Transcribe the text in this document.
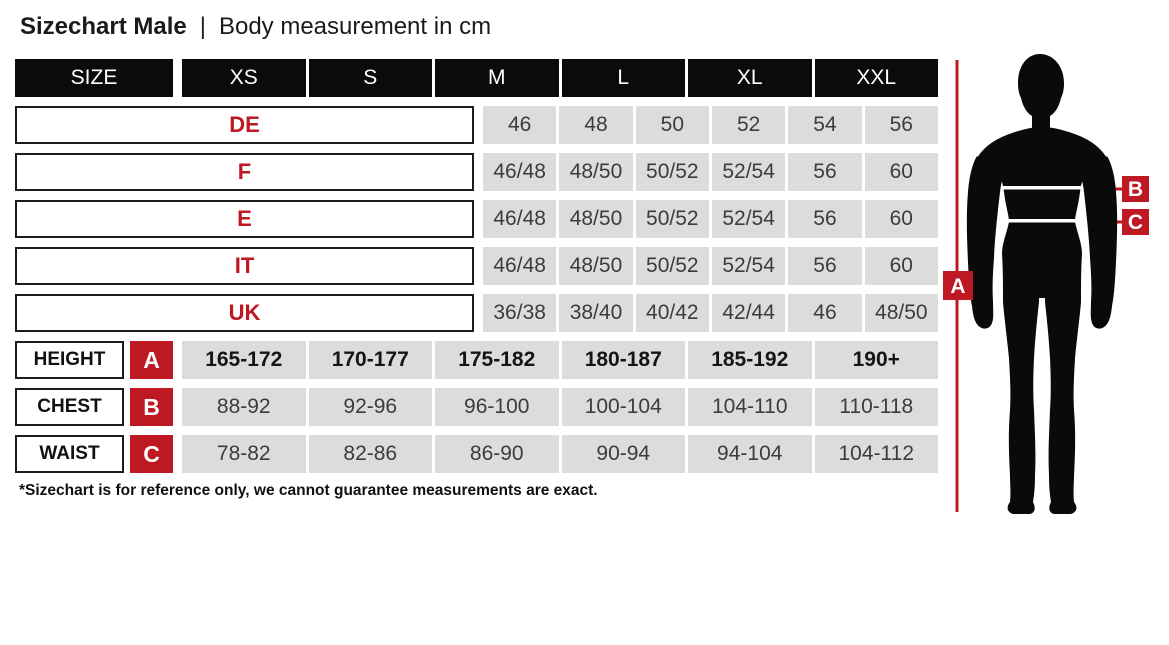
Sizechart Male | Body measurement in cm
SIZE	XS	S	M	L	XL	XXL
DE	46	48	50	52	54	56
F	46/48	48/50	50/52	52/54	56	60
E	46/48	48/50	50/52	52/54	56	60
IT	46/48	48/50	50/52	52/54	56	60
UK	36/38	38/40	40/42	42/44	46	48/50
HEIGHT	A	165-172	170-177	175-182	180-187	185-192	190+
CHEST	B	88-92	92-96	96-100	100-104	104-110	110-118
WAIST	C	78-82	82-86	86-90	90-94	94-104	104-112

*Sizechart is for reference only, we cannot guarantee measurements are exact.

A
B
C
